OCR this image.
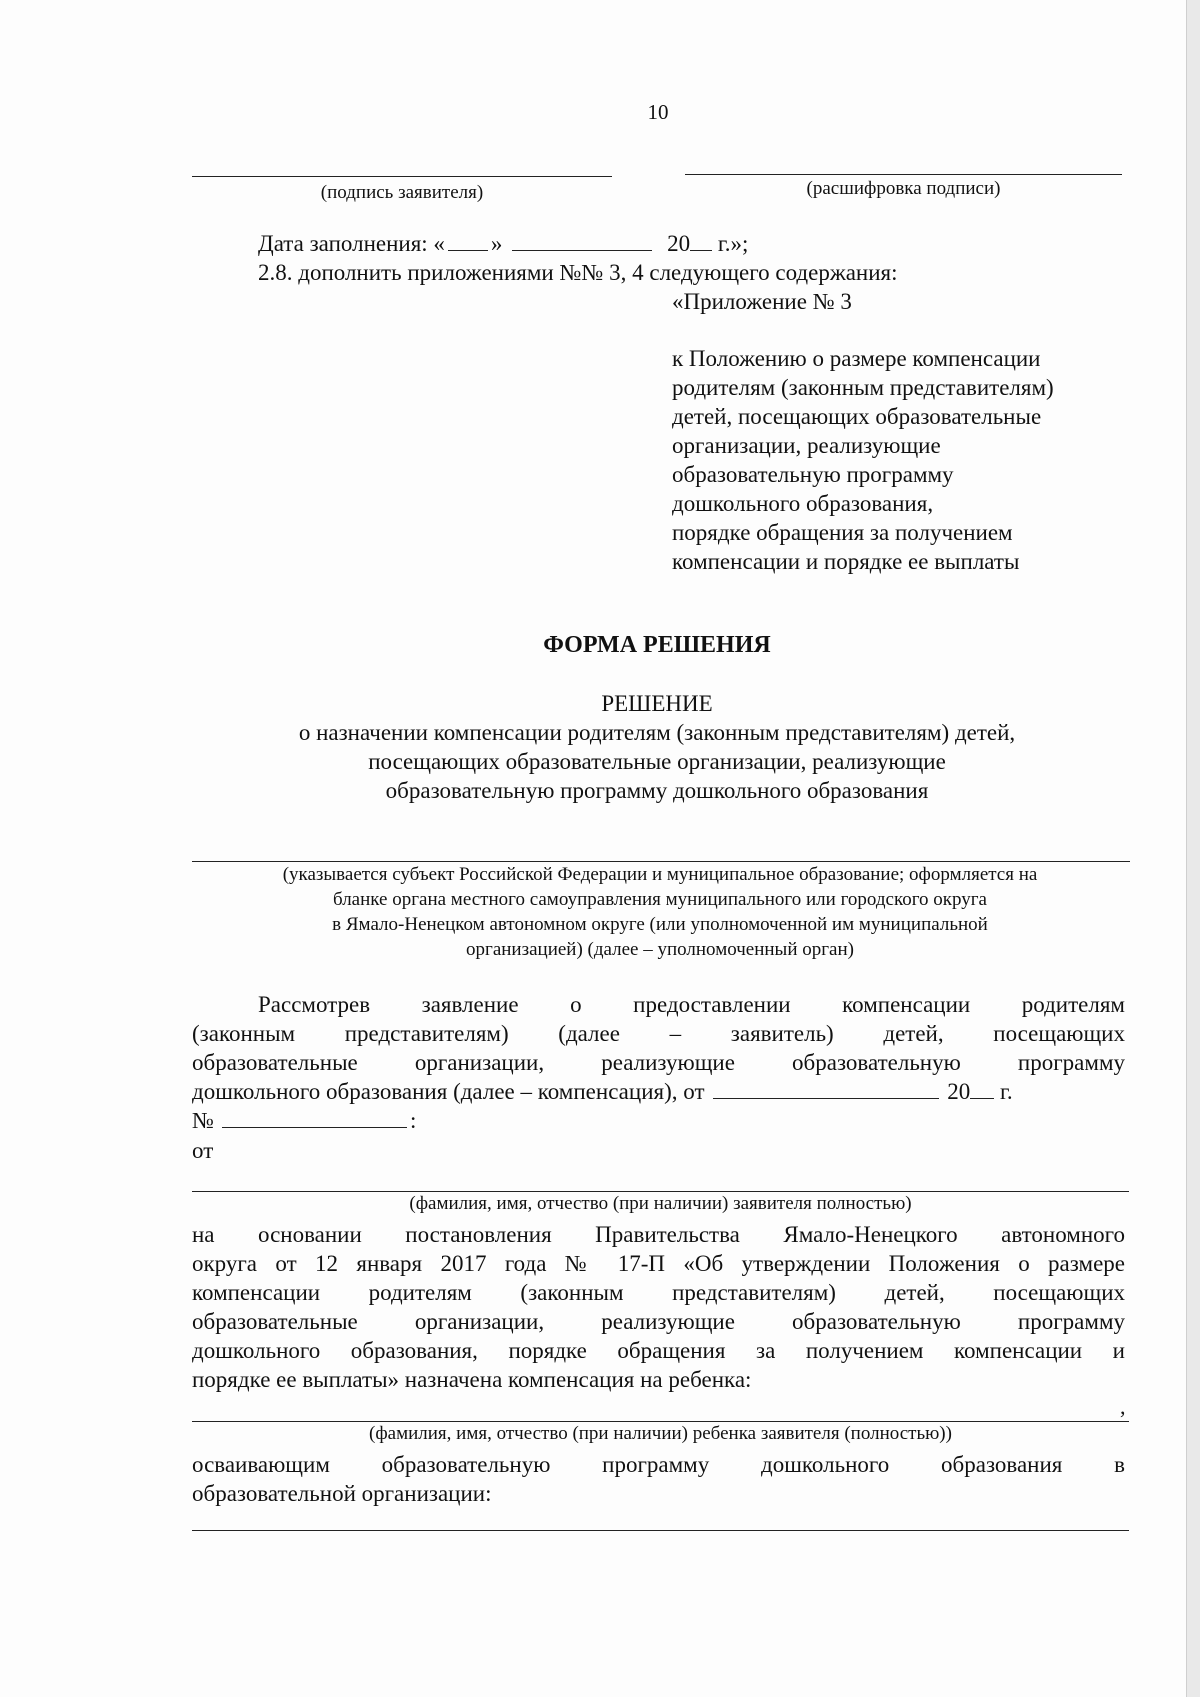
10
(подпись заявителя)	(расшифровка подписи)
Дата заполнения: « »	20 г.»;
2.8. дополнить приложениями №№ 3, 4 следующего содержания:
«Приложение № 3
к Положению о размере компенсации
родителям (законным представителям)
детей, посещающих образовательные
организации, реализующие
образовательную программу
дошкольного образования,
порядке обращения за получением
компенсации и порядке ее выплаты
ФОРМА РЕШЕНИЯ
РЕШЕНИЕ
о назначении компенсации родителям (законным представителям) детей,
посещающих образовательные организации, реализующие
образовательную программу дошкольного образования
(указывается субъект Российской Федерации и муниципальное образование; оформляется на
бланке органа местного самоуправления муниципального или городского округа
в Ямало-Ненецком автономном округе (или уполномоченной им муниципальной
организацией) (далее – уполномоченный орган)
Рассмотрев заявление о предоставлении компенсации родителям
(законным представителям) (далее – заявитель) детей, посещающих
образовательные организации, реализующие образовательную программу
дошкольного образования (далее – компенсация), от	20 г.
№	:
от
(фамилия, имя, отчество (при наличии) заявителя полностью)
на основании постановления Правительства Ямало-Ненецкого автономного
округа от 12 января 2017 года № 17-П «Об утверждении Положения о размере
компенсации родителям (законным представителям) детей, посещающих
образовательные организации, реализующие образовательную программу
дошкольного образования, порядке обращения за получением компенсации и
порядке ее выплаты» назначена компенсация на ребенка:
,
(фамилия, имя, отчество (при наличии) ребенка заявителя (полностью))
осваивающим образовательную программу дошкольного образования в
образовательной организации:
